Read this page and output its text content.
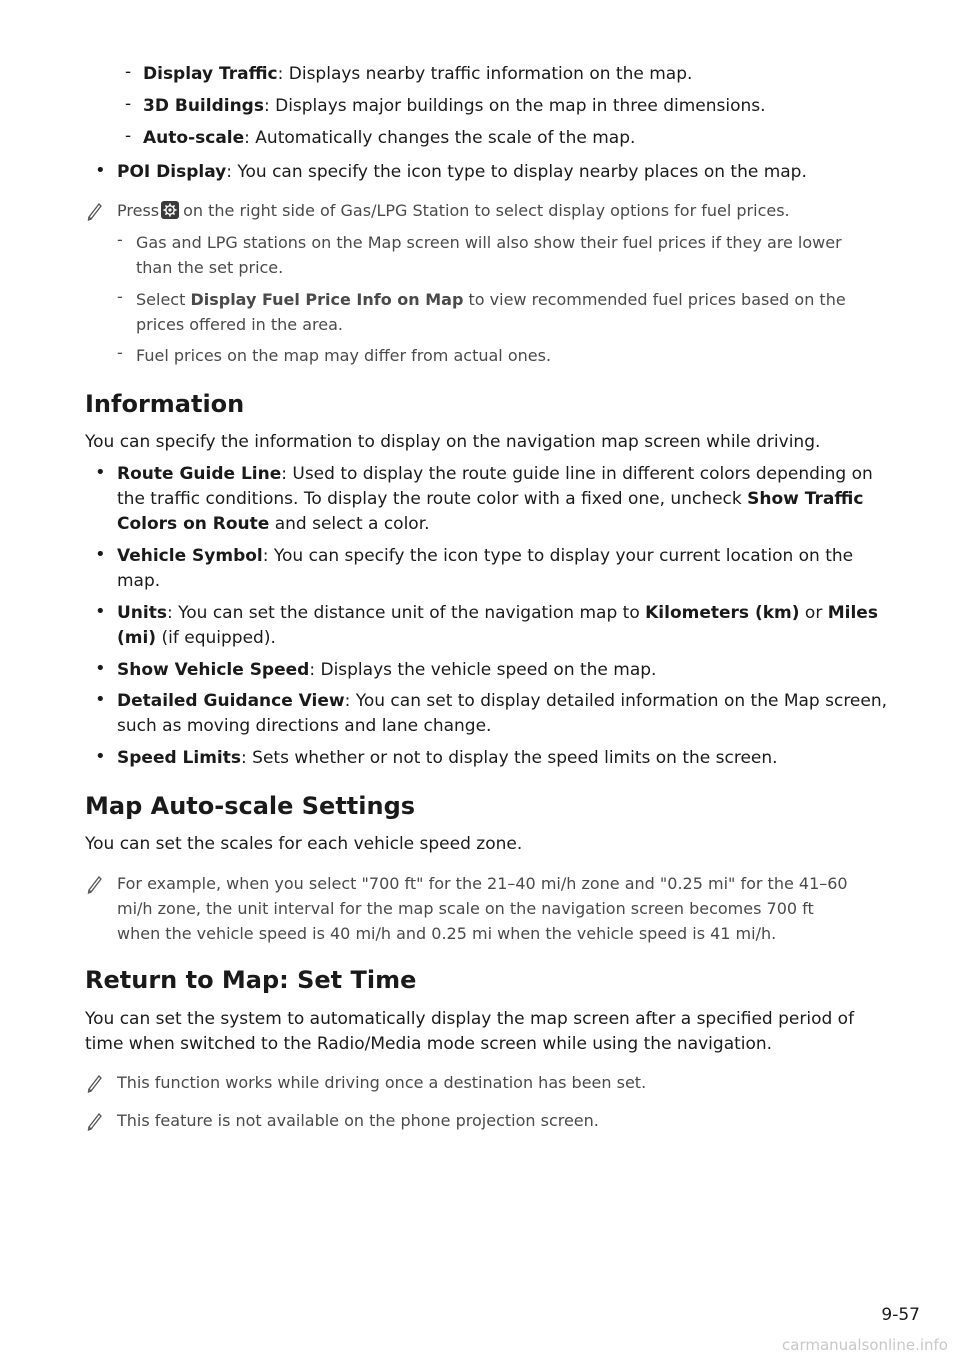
- Display Traffic: Displays nearby traffic information on the map.
- 3D Buildings: Displays major buildings on the map in three dimensions.
- Auto-scale: Automatically changes the scale of the map.
• POI Display: You can specify the icon type to display nearby places on the map.
Press on the right side of Gas/LPG Station to select display options for fuel prices.
- Gas and LPG stations on the Map screen will also show their fuel prices if they are lower
than the set price.
- Select Display Fuel Price Info on Map to view recommended fuel prices based on the
prices offered in the area.
- Fuel prices on the map may differ from actual ones.
Information
You can specify the information to display on the navigation map screen while driving.
• Route Guide Line: Used to display the route guide line in different colors depending on
the traffic conditions. To display the route color with a fixed one, uncheck Show Traffic
Colors on Route and select a color.
• Vehicle Symbol: You can specify the icon type to display your current location on the
map.
• Units: You can set the distance unit of the navigation map to Kilometers (km) or Miles
(mi) (if equipped).
• Show Vehicle Speed: Displays the vehicle speed on the map.
• Detailed Guidance View: You can set to display detailed information on the Map screen,
such as moving directions and lane change.
• Speed Limits: Sets whether or not to display the speed limits on the screen.
Map Auto-scale Settings
You can set the scales for each vehicle speed zone.
For example, when you select "700 ft" for the 21–40 mi/h zone and "0.25 mi" for the 41–60
mi/h zone, the unit interval for the map scale on the navigation screen becomes 700 ft
when the vehicle speed is 40 mi/h and 0.25 mi when the vehicle speed is 41 mi/h.
Return to Map: Set Time
You can set the system to automatically display the map screen after a specified period of
time when switched to the Radio/Media mode screen while using the navigation.
This function works while driving once a destination has been set.
This feature is not available on the phone projection screen.
9-57
carmanualsonline.info
